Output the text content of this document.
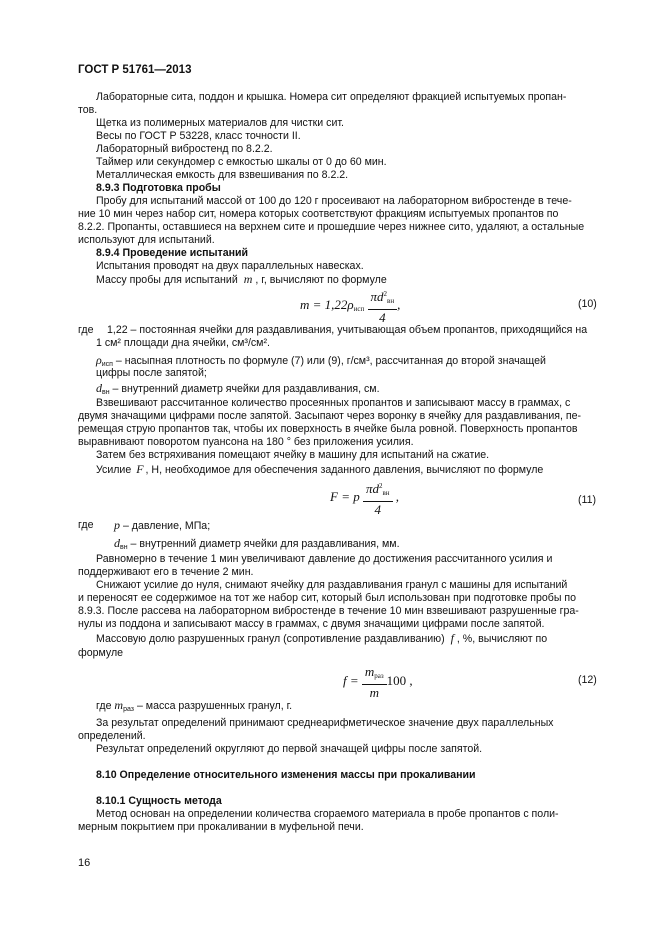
ГОСТ Р 51761—2013
Лабораторные сита, поддон и крышка. Номера сит определяют фракцией испытуемых пропан-
тов.
Щетка из полимерных материалов для чистки сит.
Весы по ГОСТ Р 53228, класс точности II.
Лабораторный вибростенд по 8.2.2.
Таймер или секундомер с емкостью шкалы от 0 до 60 мин.
Металлическая емкость для взвешивания по 8.2.2.
8.9.3 Подготовка пробы
Пробу для испытаний массой от 100 до 120 г просеивают на лабораторном вибростенде в тече-
ние 10 мин через набор сит, номера которых соответствуют фракциям испытуемых пропантов по
8.2.2. Пропанты, оставшиеся на верхнем сите и прошедшие через нижнее сито, удаляют, а остальные
используют для испытаний.
8.9.4 Проведение испытаний
Испытания проводят на двух параллельных навесках.
Массу пробы для испытаний m , г, вычисляют по формуле
$m = 1,22\rho_{исп} \frac{\pi d^2_{вн}}{4}$ ,	(10)
где 1,22 – постоянная ячейки для раздавливания, учитывающая объем пропантов, приходящийся на
1 см² площади дна ячейки, см³/см².
$\rho_{исп}$ – насыпная плотность по формуле (7) или (9), г/см³, рассчитанная до второй значащей
цифры после запятой;
$d_{вн}$ – внутренний диаметр ячейки для раздавливания, см.
Взвешивают рассчитанное количество просеянных пропантов и записывают массу в граммах, с
двумя значащими цифрами после запятой. Засыпают через воронку в ячейку для раздавливания, пе-
ремещая струю пропантов так, чтобы их поверхность в ячейке была ровной. Поверхность пропантов
выравнивают поворотом пуансона на 180 ° без приложения усилия.
Затем без встряхивания помещают ячейку в машину для испытаний на сжатие.
Усилие F , Н, необходимое для обеспечения заданного давления, вычисляют по формуле
F = p $\frac{\pi d^2_{вн}}{4}$ ,	(11)
где p – давление, МПа;
$d_{вн}$ – внутренний диаметр ячейки для раздавливания, мм.
Равномерно в течение 1 мин увеличивают давление до достижения рассчитанного усилия и
поддерживают его в течение 2 мин.
Снижают усилие до нуля, снимают ячейку для раздавливания гранул с машины для испытаний
и переносят ее содержимое на тот же набор сит, который был использован при подготовке пробы по
8.9.3. После рассева на лабораторном вибростенде в течение 10 мин взвешивают разрушенные гра-
нулы из поддона и записывают массу в граммах, с двумя значащими цифрами после запятой.
Массовую долю разрушенных гранул (сопротивление раздавливанию) f , %, вычисляют по
формуле
$f = \frac{m_{раз}}{m} 100$ ,	(12)
где $m_{раз}$ – масса разрушенных гранул, г.
За результат определений принимают среднеарифметическое значение двух параллельных
определений.
Результат определений округляют до первой значащей цифры после запятой.
8.10 Определение относительного изменения массы при прокаливании
8.10.1 Сущность метода
Метод основан на определении количества сгораемого материала в пробе пропантов с поли-
мерным покрытием при прокаливании в муфельной печи.
16
